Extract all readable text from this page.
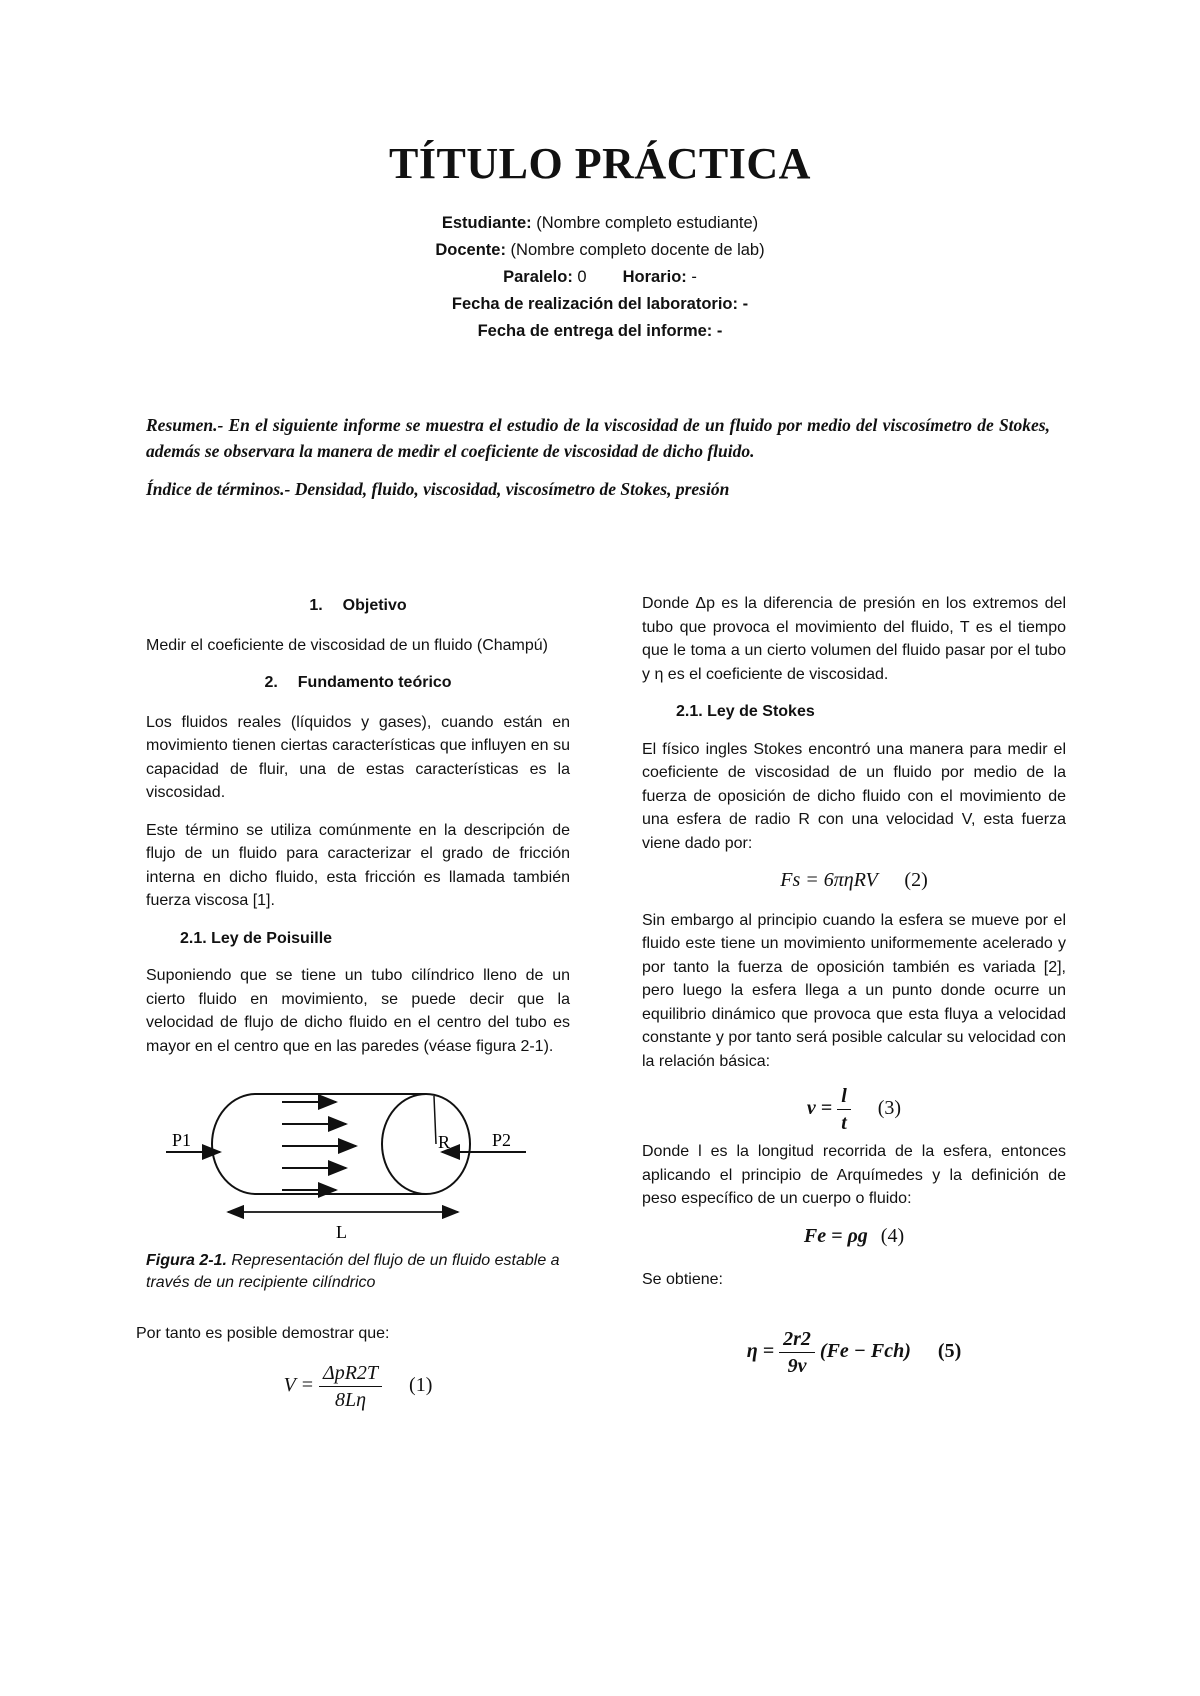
TÍTULO PRÁCTICA
Estudiante: (Nombre completo estudiante)
Docente: (Nombre completo docente de lab)
Paralelo: 0 Horario: -
Fecha de realización del laboratorio: -
Fecha de entrega del informe: -

Resumen.- En el siguiente informe se muestra el estudio de la viscosidad de un fluido por medio del viscosímetro de Stokes, además se observara la manera de medir el coeficiente de viscosidad de dicho fluido.

Índice de términos.- Densidad, fluido, viscosidad, viscosímetro de Stokes, presión

1. Objetivo

Medir el coeficiente de viscosidad de un fluido (Champú)

2. Fundamento teórico

Los fluidos reales (líquidos y gases), cuando están en movimiento tienen ciertas características que influyen en su capacidad de fluir, una de estas características es la viscosidad.

Este término se utiliza comúnmente en la descripción de flujo de un fluido para caracterizar el grado de fricción interna en dicho fluido, esta fricción es llamada también fuerza viscosa [1].

2.1. Ley de Poisuille

Suponiendo que se tiene un tubo cilíndrico lleno de un cierto fluido en movimiento, se puede decir que la velocidad de flujo de dicho fluido en el centro del tubo es mayor en el centro que en las paredes (véase figura 2-1).

P1	P2
R
L
Figura 2-1. Representación del flujo de un fluido estable a través de un recipiente cilíndrico

Por tanto es posible demostrar que:

$V = \frac{\text{ΔpR2T}}{8L\eta} (1)$

Donde Δp es la diferencia de presión en los extremos del tubo que provoca el movimiento del fluido, T es el tiempo que le toma a un cierto volumen del fluido pasar por el tubo y η es el coeficiente de viscosidad.

2.1. Ley de Stokes

El físico ingles Stokes encontró una manera para medir el coeficiente de viscosidad de un fluido por medio de la fuerza de oposición de dicho fluido con el movimiento de una esfera de radio R con una velocidad V, esta fuerza viene dado por:

Fs = 6πηRV (2)

Sin embargo al principio cuando la esfera se mueve por el fluido este tiene un movimiento uniformemente acelerado y por tanto la fuerza de oposición también es variada [2], pero luego la esfera llega a un punto donde ocurre un equilibrio dinámico que provoca que esta fluya a velocidad constante y por tanto será posible calcular su velocidad con la relación básica:

$v = \frac{l}{t} (3)$

Donde l es la longitud recorrida de la esfera, entonces aplicando el principio de Arquímedes y la definición de peso específico de un cuerpo o fluido:

Fe = ρg (4)

Se obtiene:

$\eta = \frac{2r2}{9v} (Fe - Fch)$ (5)
